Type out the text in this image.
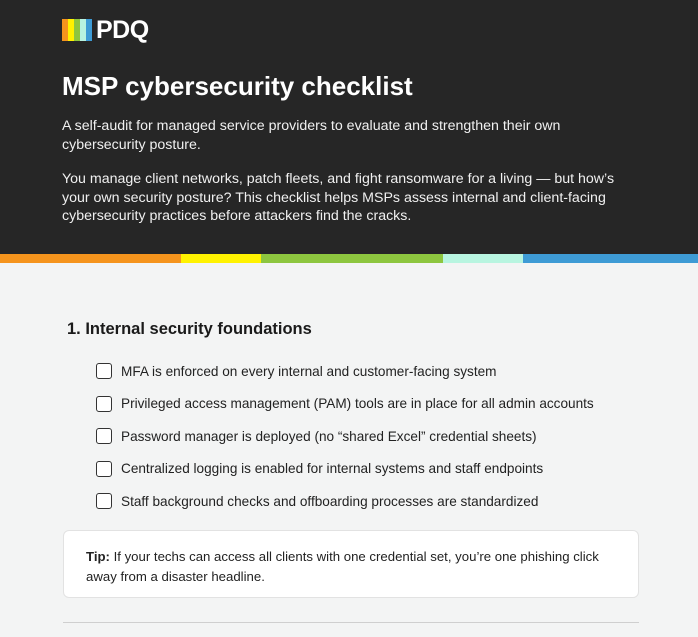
PDQ
MSP cybersecurity checklist

A self-audit for managed service providers to evaluate and strengthen their own cybersecurity posture.

You manage client networks, patch fleets, and fight ransomware for a living — but how’s your own security posture? This checklist helps MSPs assess internal and client-facing cybersecurity practices before attackers find the cracks.

1. Internal security foundations
MFA is enforced on every internal and customer-facing system
Privileged access management (PAM) tools are in place for all admin accounts
Password manager is deployed (no “shared Excel” credential sheets)
Centralized logging is enabled for internal systems and staff endpoints
Staff background checks and offboarding processes are standardized
Tip: If your techs can access all clients with one credential set, you’re one phishing click away from a disaster headline.
